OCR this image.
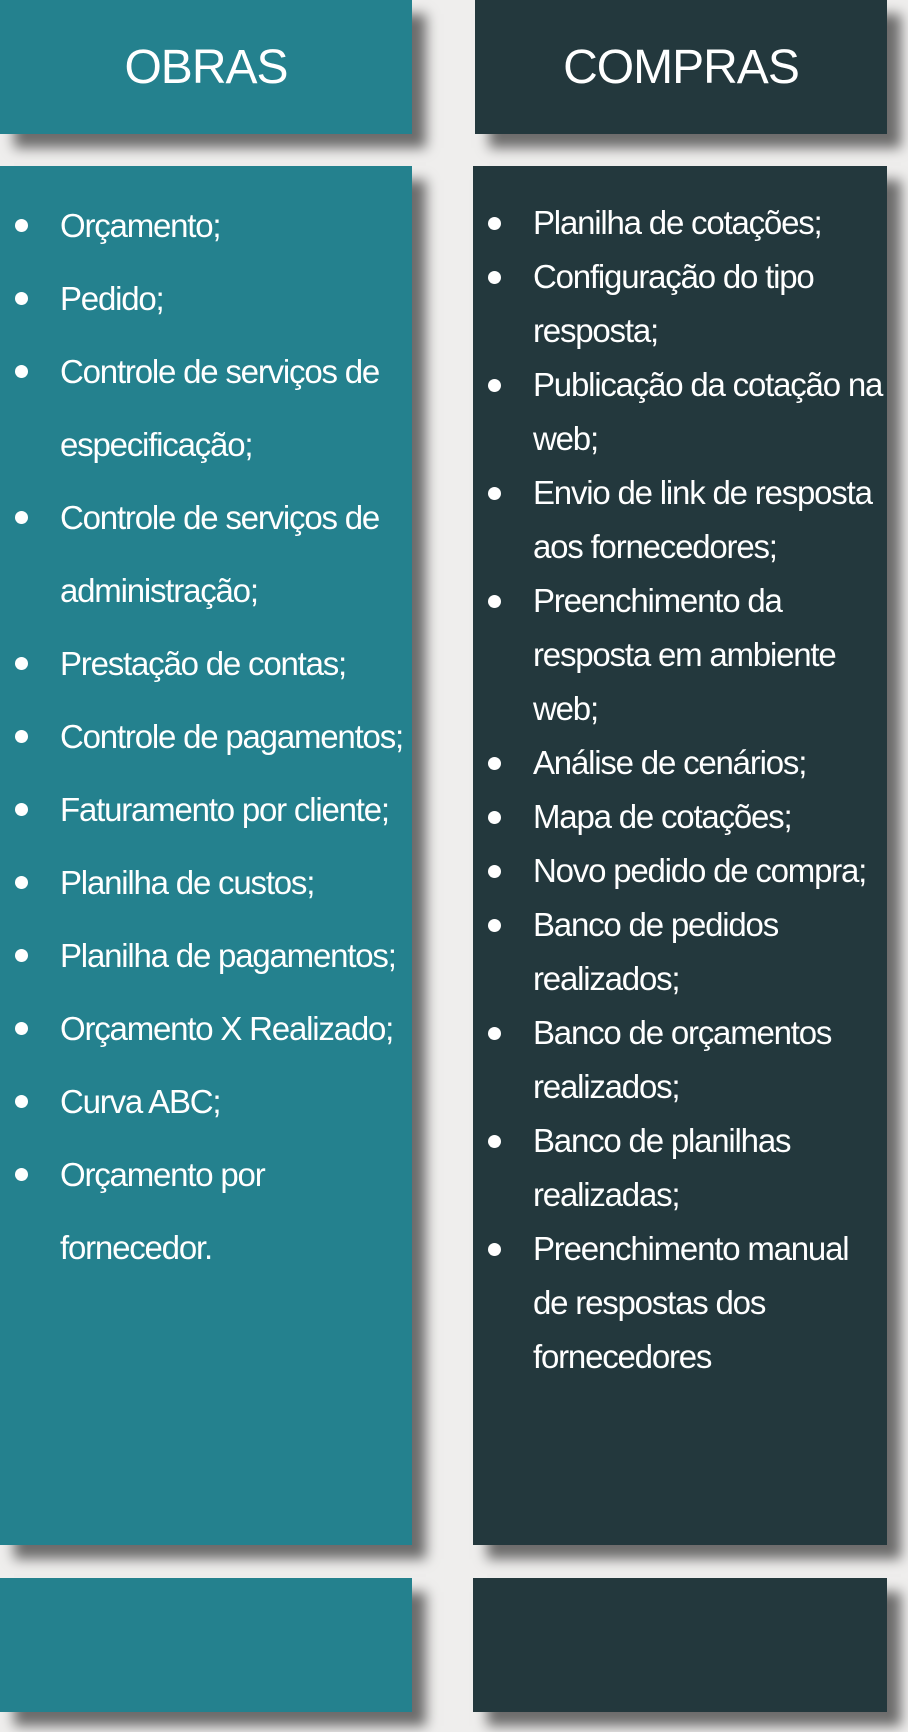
OBRAS	COMPRAS
Orçamento;
Pedido;
Controle de serviços de especificação;
Controle de serviços de administração;
Prestação de contas;
Controle de pagamentos;
Faturamento por cliente;
Planilha de custos;
Planilha de pagamentos;
Orçamento X Realizado;
Curva ABC;
Orçamento por fornecedor.
Planilha de cotações;
Configuração do tipo resposta;
Publicação da cotação na web;
Envio de link de resposta aos fornecedores;
Preenchimento da resposta em ambiente web;
Análise de cenários;
Mapa de cotações;
Novo pedido de compra;
Banco de pedidos realizados;
Banco de orçamentos realizados;
Banco de planilhas realizadas;
Preenchimento manual de respostas dos fornecedores
